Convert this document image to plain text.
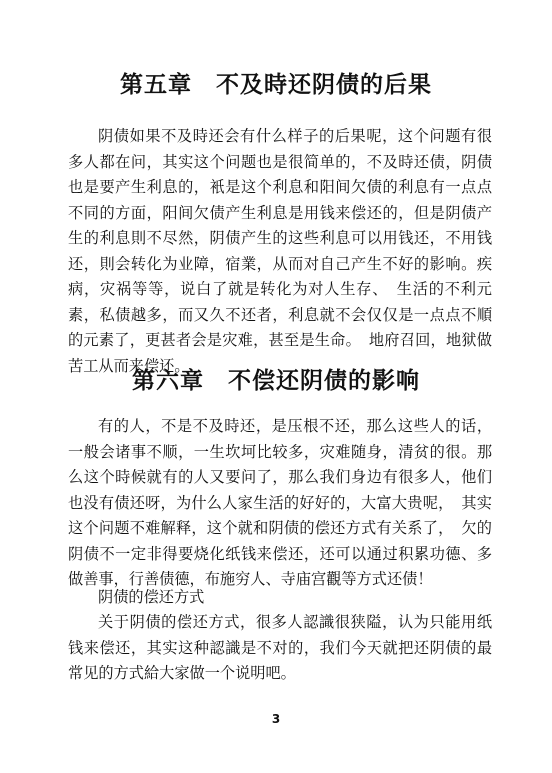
第五章 不及時还阴债的后果

阴债如果不及時还会有什么样子的后果呢，这个问题有很多人都在问，其实这个问题也是很简单的，不及時还债，阴债也是要产生利息的，衹是这个利息和阳间欠债的利息有一点点不同的方面，阳间欠债产生利息是用钱来偿还的，但是阴债产生的利息則不尽然，阴债产生的这些利息可以用钱还，不用钱还，則会转化为业障，宿業，从而对自己产生不好的影响。疾病，灾祸等等，说白了就是转化为对人生存、　生活的不利元素，私债越多，而又久不还者，利息就不会仅仅是一点点不順的元素了，更甚者会是灾难，甚至是生命。　地府召回，地狱做苦工从而来偿还。

第六章 不偿还阴债的影响

有的人，不是不及時还，是压根不还，那么这些人的话，一般会诸事不顺，一生坎坷比较多，灾难随身，清贫的很。那么这个時候就有的人又要问了，那么我们身边有很多人，他们也没有债还呀，为什么人家生活的好好的，大富大贵呢，　其实这个问题不难解释，这个就和阴债的偿还方式有关系了，　欠的阴债不一定非得要烧化纸钱来偿还，还可以通过积累功德、多做善事，行善债德，布施穷人、寺庙宫觀等方式还债！

阴债的偿还方式

关于阴债的偿还方式，很多人認識很狭隘，认为只能用纸钱来偿还，其实这种認識是不对的，我们今天就把还阴债的最常见的方式給大家做一个说明吧。

3
